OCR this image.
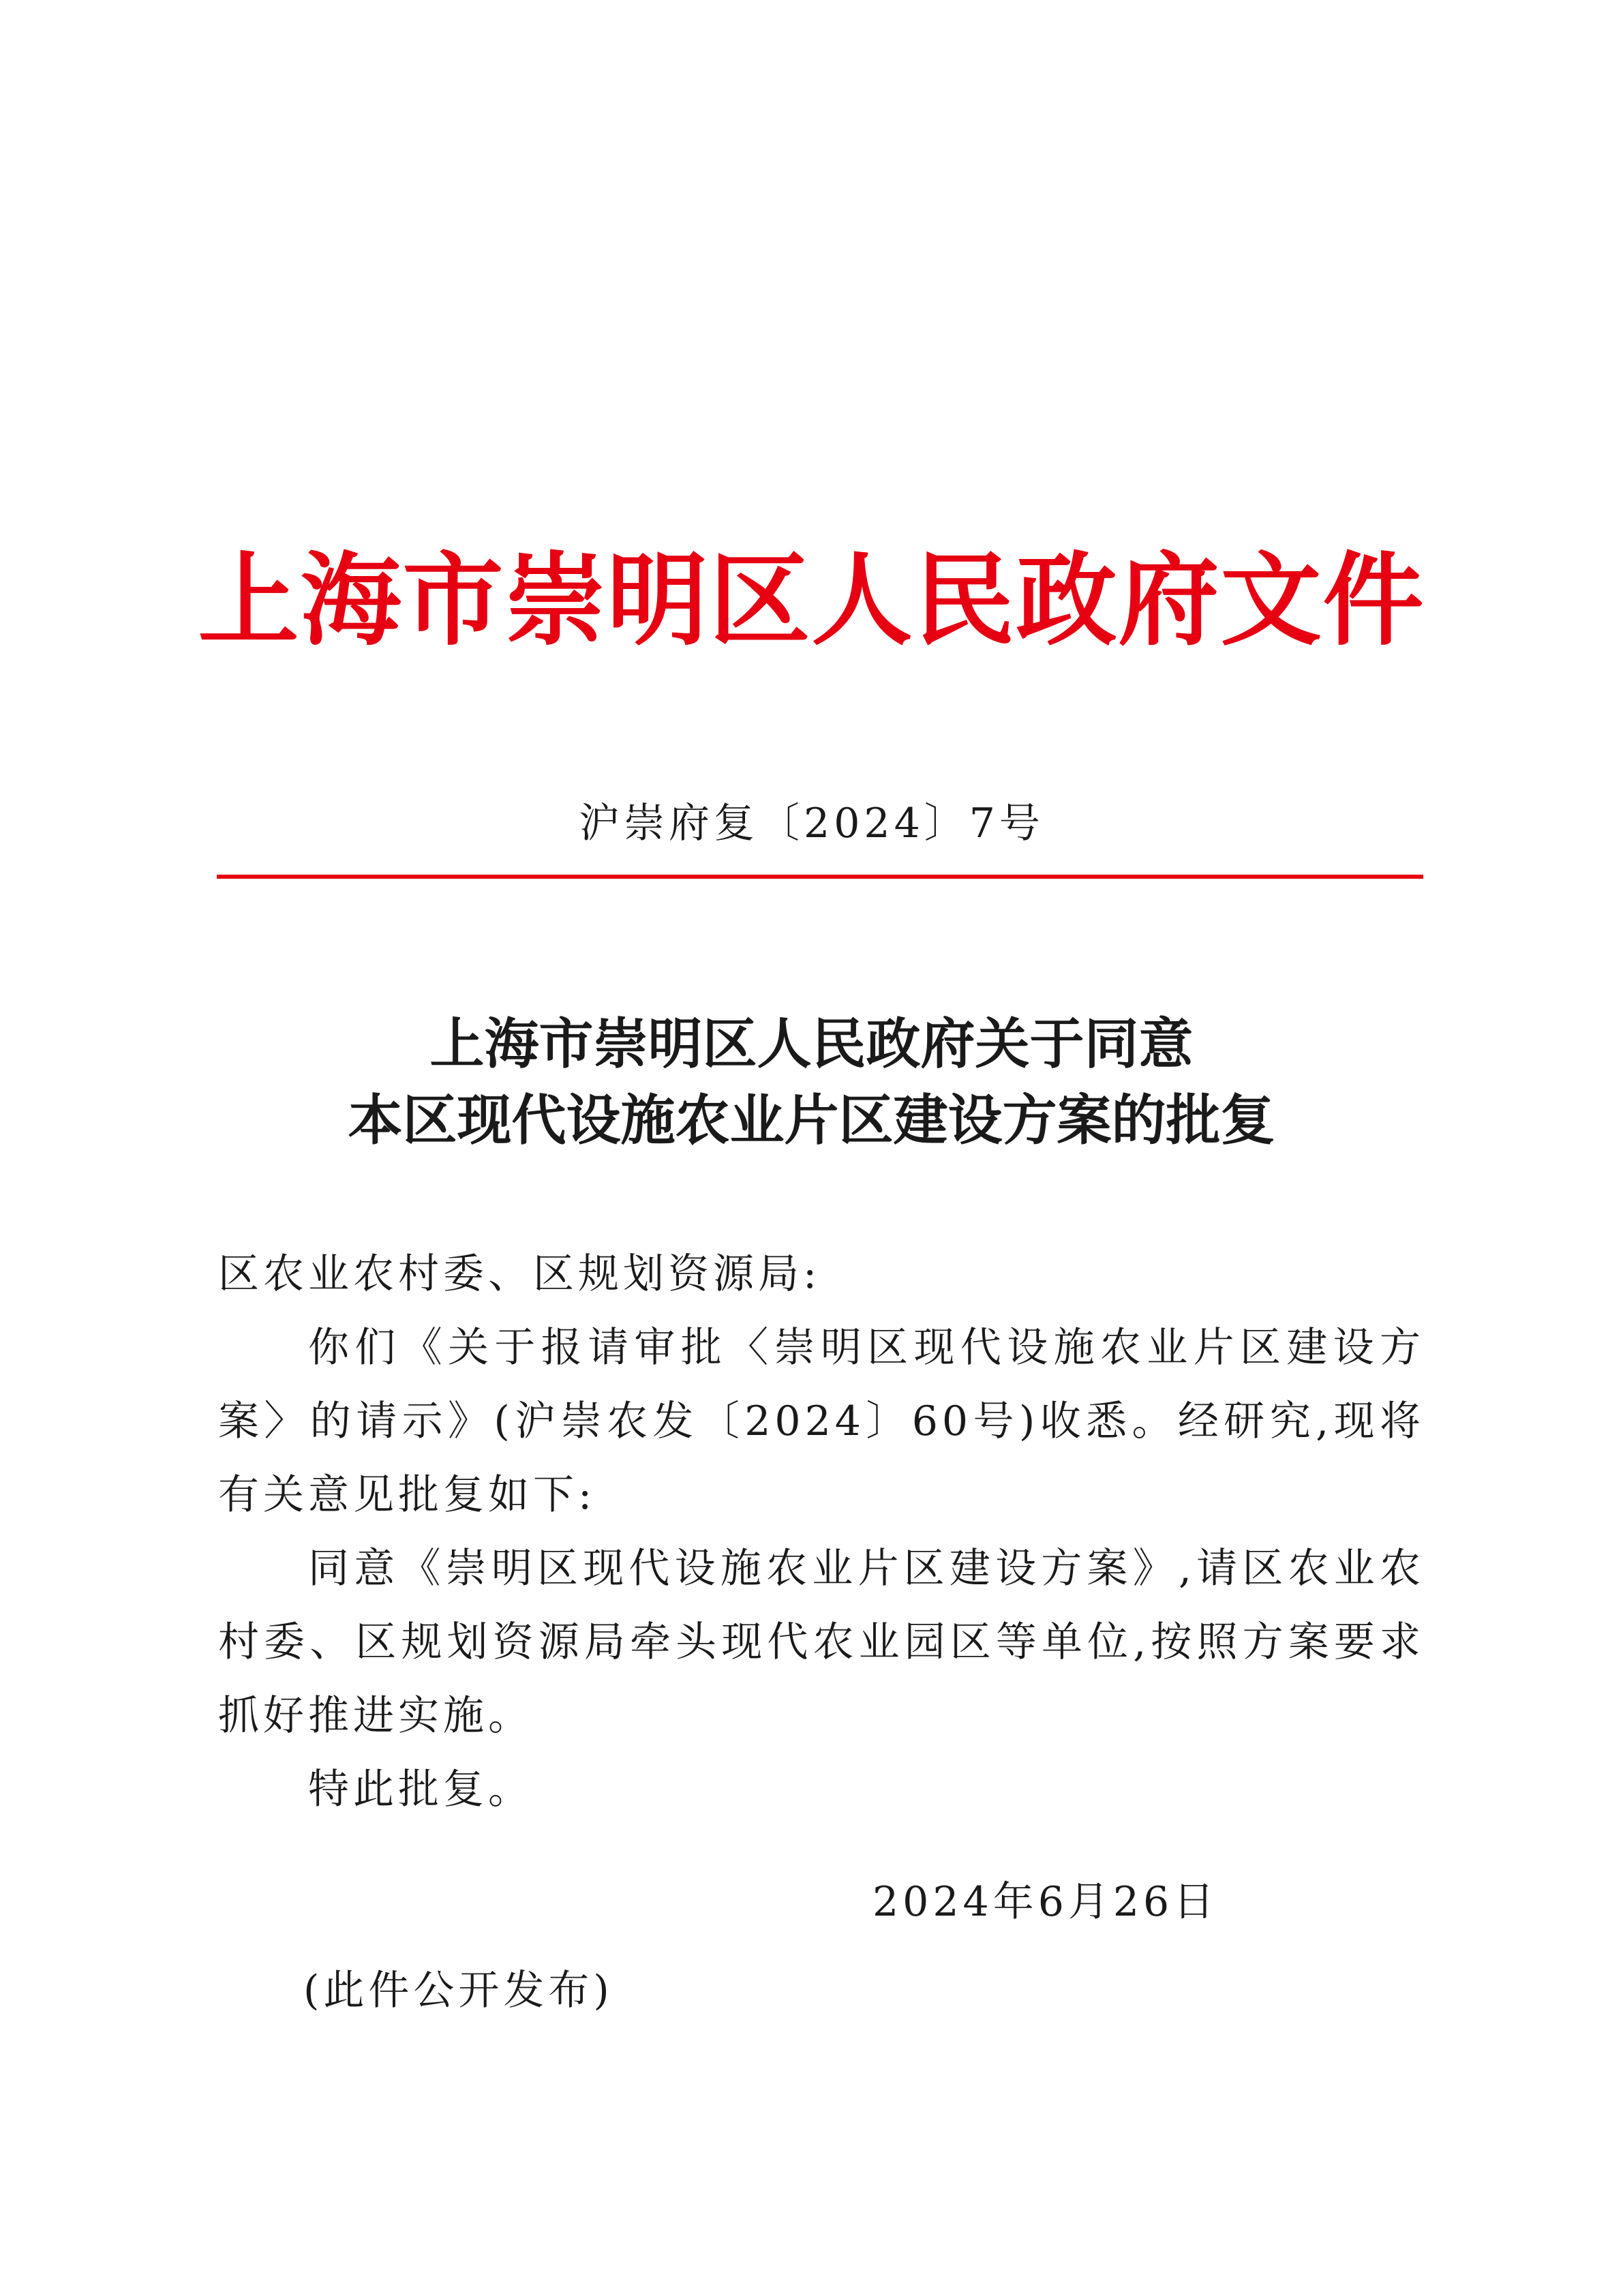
上海市崇明区人民政府文件
沪崇府复〔2024〕7号
上海市崇明区人民政府关于同意
本区现代设施农业片区建设方案的批复

区农业农村委、区规划资源局:

你们《关于报请审批〈崇明区现代设施农业片区建设方案〉的请示》(沪崇农发〔2024〕60号)收悉。经研究,现将有关意见批复如下:

同意《崇明区现代设施农业片区建设方案》,请区农业农村委、区规划资源局牵头现代农业园区等单位,按照方案要求抓好推进实施。

特此批复。

2024年6月26日
(此件公开发布)
